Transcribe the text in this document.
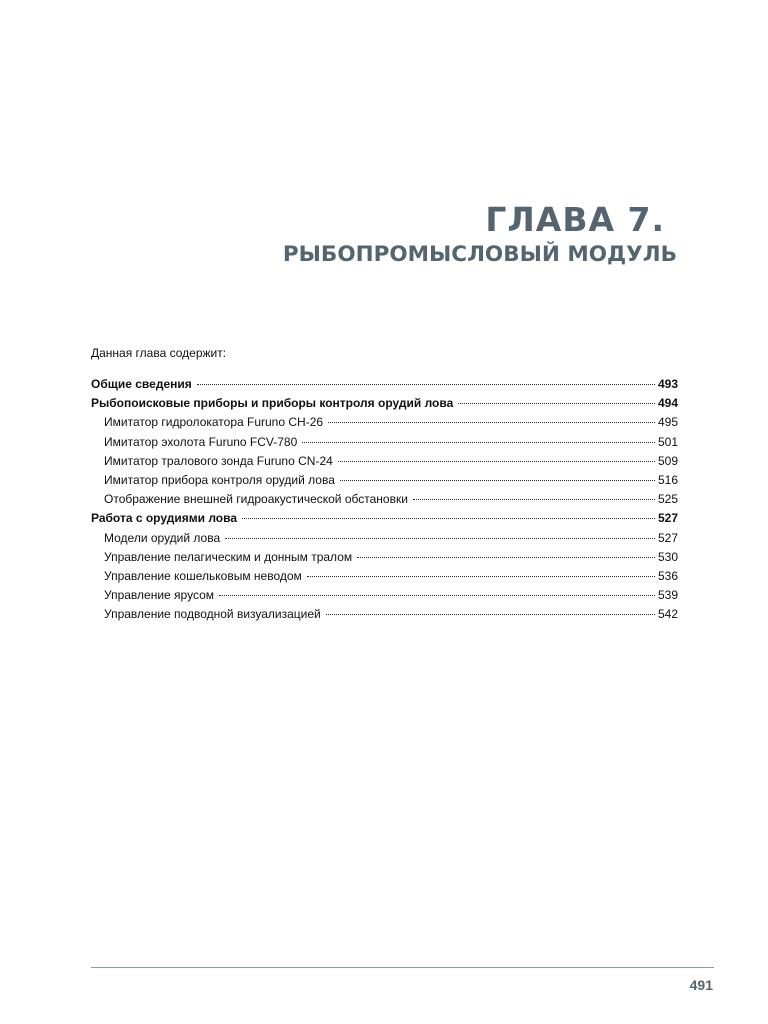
ГЛАВА 7.
РЫБОПРОМЫСЛОВЫЙ МОДУЛЬ
Данная глава содержит:
Общие сведения	493
Рыбопоисковые приборы и приборы контроля орудий лова	494
Имитатор гидролокатора Furuno CH-26	495
Имитатор эхолота Furuno FCV-780	501
Имитатор тралового зонда Furuno CN-24	509
Имитатор прибора контроля орудий лова	516
Отображение внешней гидроакустической обстановки	525
Работа с орудиями лова	527
Модели орудий лова	527
Управление пелагическим и донным тралом	530
Управление кошельковым неводом	536
Управление ярусом	539
Управление подводной визуализацией	542
491
